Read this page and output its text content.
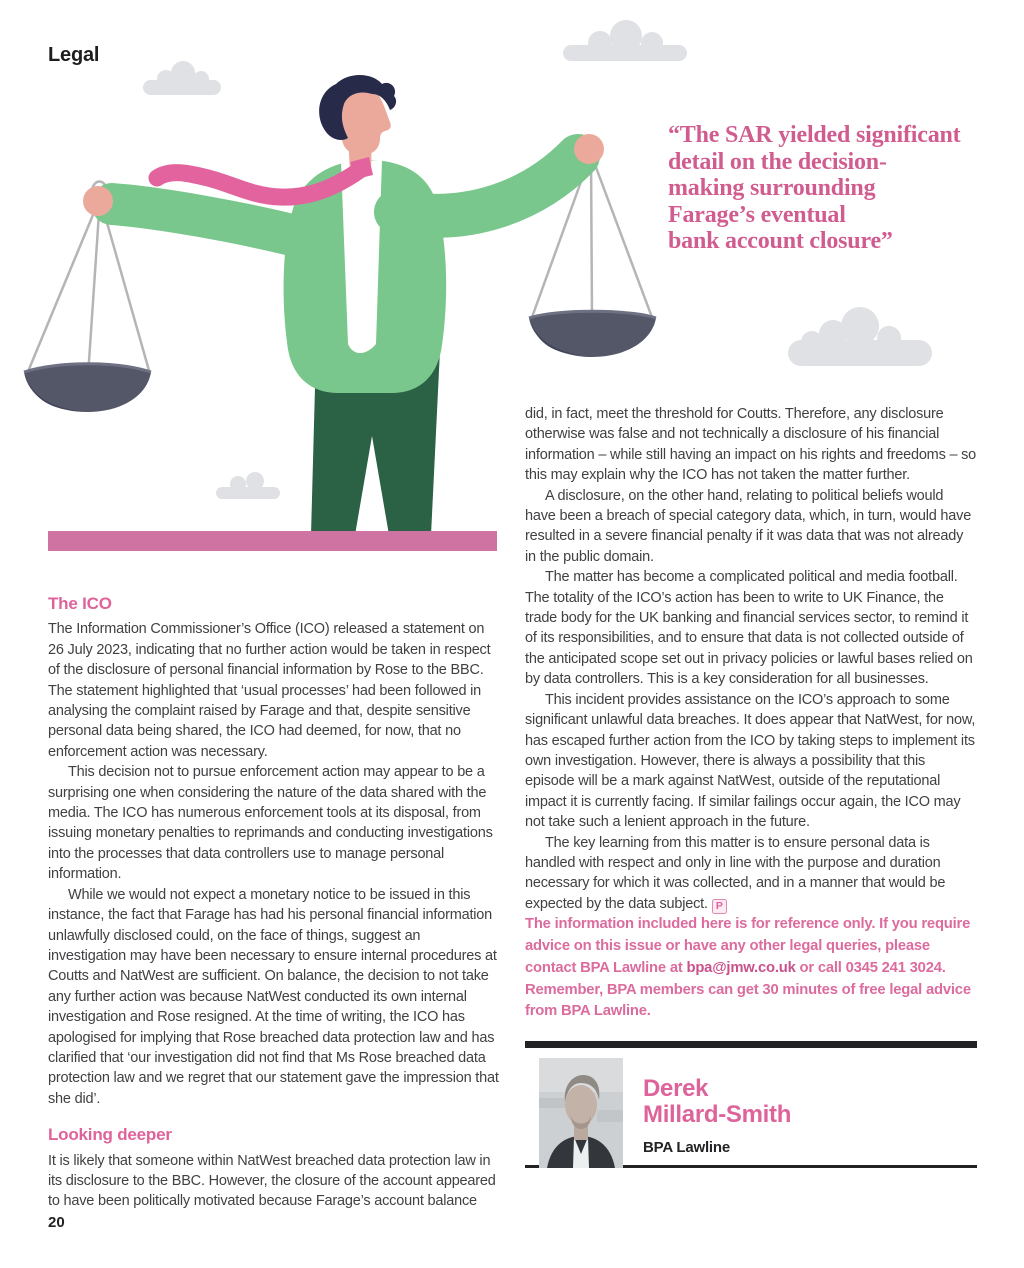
Legal
“The SAR yielded significant
detail on the decision-
making surrounding
Farage’s eventual
bank account closure”
The ICO

The Information Commissioner’s Office (ICO) released a statement on 26 July 2023, indicating that no further action would be taken in respect of the disclosure of personal financial information by Rose to the BBC. The statement highlighted that ‘usual processes’ had been followed in analysing the complaint raised by Farage and that, despite sensitive personal data being shared, the ICO had deemed, for now, that no enforcement action was necessary.

This decision not to pursue enforcement action may appear to be a surprising one when considering the nature of the data shared with the media. The ICO has numerous enforcement tools at its disposal, from issuing monetary penalties to reprimands and conducting investigations into the processes that data controllers use to manage personal information.

While we would not expect a monetary notice to be issued in this instance, the fact that Farage has had his personal financial information unlawfully disclosed could, on the face of things, suggest an investigation may have been necessary to ensure internal procedures at Coutts and NatWest are sufficient. On balance, the decision to not take any further action was because NatWest conducted its own internal investigation and Rose resigned. At the time of writing, the ICO has apologised for implying that Rose breached data protection law and has clarified that ‘our investigation did not find that Ms Rose breached data protection law and we regret that our statement gave the impression that she did’.

Looking deeper

It is likely that someone within NatWest breached data protection law in its disclosure to the BBC. However, the closure of the account appeared to have been politically motivated because Farage’s account balance

did, in fact, meet the threshold for Coutts. Therefore, any disclosure otherwise was false and not technically a disclosure of his financial information – while still having an impact on his rights and freedoms – so this may explain why the ICO has not taken the matter further.

A disclosure, on the other hand, relating to political beliefs would have been a breach of special category data, which, in turn, would have resulted in a severe financial penalty if it was data that was not already in the public domain.

The matter has become a complicated political and media football. The totality of the ICO’s action has been to write to UK Finance, the trade body for the UK banking and financial services sector, to remind it of its responsibilities, and to ensure that data is not collected outside of the anticipated scope set out in privacy policies or lawful bases relied on by data controllers. This is a key consideration for all businesses.

This incident provides assistance on the ICO’s approach to some significant unlawful data breaches. It does appear that NatWest, for now, has escaped further action from the ICO by taking steps to implement its own investigation. However, there is always a possibility that this episode will be a mark against NatWest, outside of the reputational impact it is currently facing. If similar failings occur again, the ICO may not take such a lenient approach in the future.

The key learning from this matter is to ensure personal data is handled with respect and only in line with the purpose and duration necessary for which it was collected, and in a manner that would be expected by the data subject. P

The information included here is for reference only. If you require advice on this issue or have any other legal queries, please contact BPA Lawline at bpa@jmw.co.uk or call 0345 241 3024. Remember, BPA members can get 30 minutes of free legal advice from BPA Lawline.

Derek
Millard-Smith
BPA Lawline
20
